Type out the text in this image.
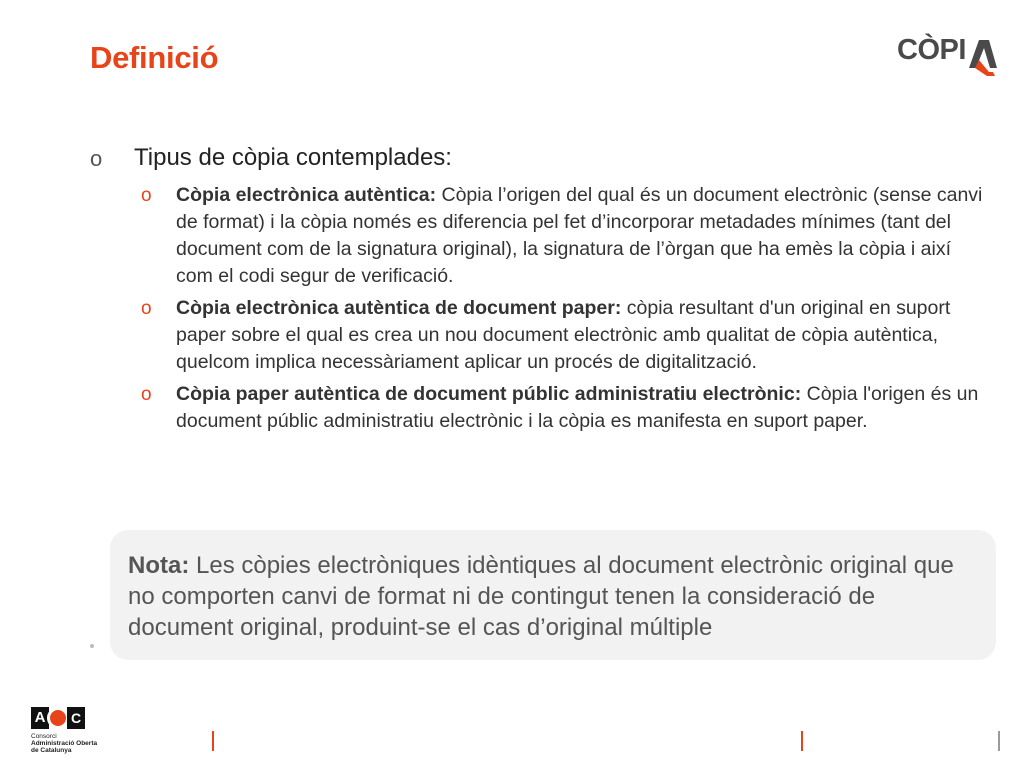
Definició	CÒPI
o Tipus de còpia contemplades:
o Còpia electrònica autèntica: Còpia l’origen del qual és un document electrònic (sense canvi de format) i la còpia només es diferencia pel fet d’incorporar metadades mínimes (tant del document com de la signatura original), la signatura de l’òrgan que ha emès la còpia i així com el codi segur de verificació.
o Còpia electrònica autèntica de document paper: còpia resultant d'un original en suport paper sobre el qual es crea un nou document electrònic amb qualitat de còpia autèntica, quelcom implica necessàriament aplicar un procés de digitalització.
o Còpia paper autèntica de document públic administratiu electrònic: Còpia l'origen és un document públic administratiu electrònic i la còpia es manifesta en suport paper.

Nota: Les còpies electròniques idèntiques al document electrònic original que no comporten canvi de format ni de contingut tenen la consideració de document original, produint-se el cas d’original múltiple

A C
Consorci
Administració Oberta
de Catalunya
